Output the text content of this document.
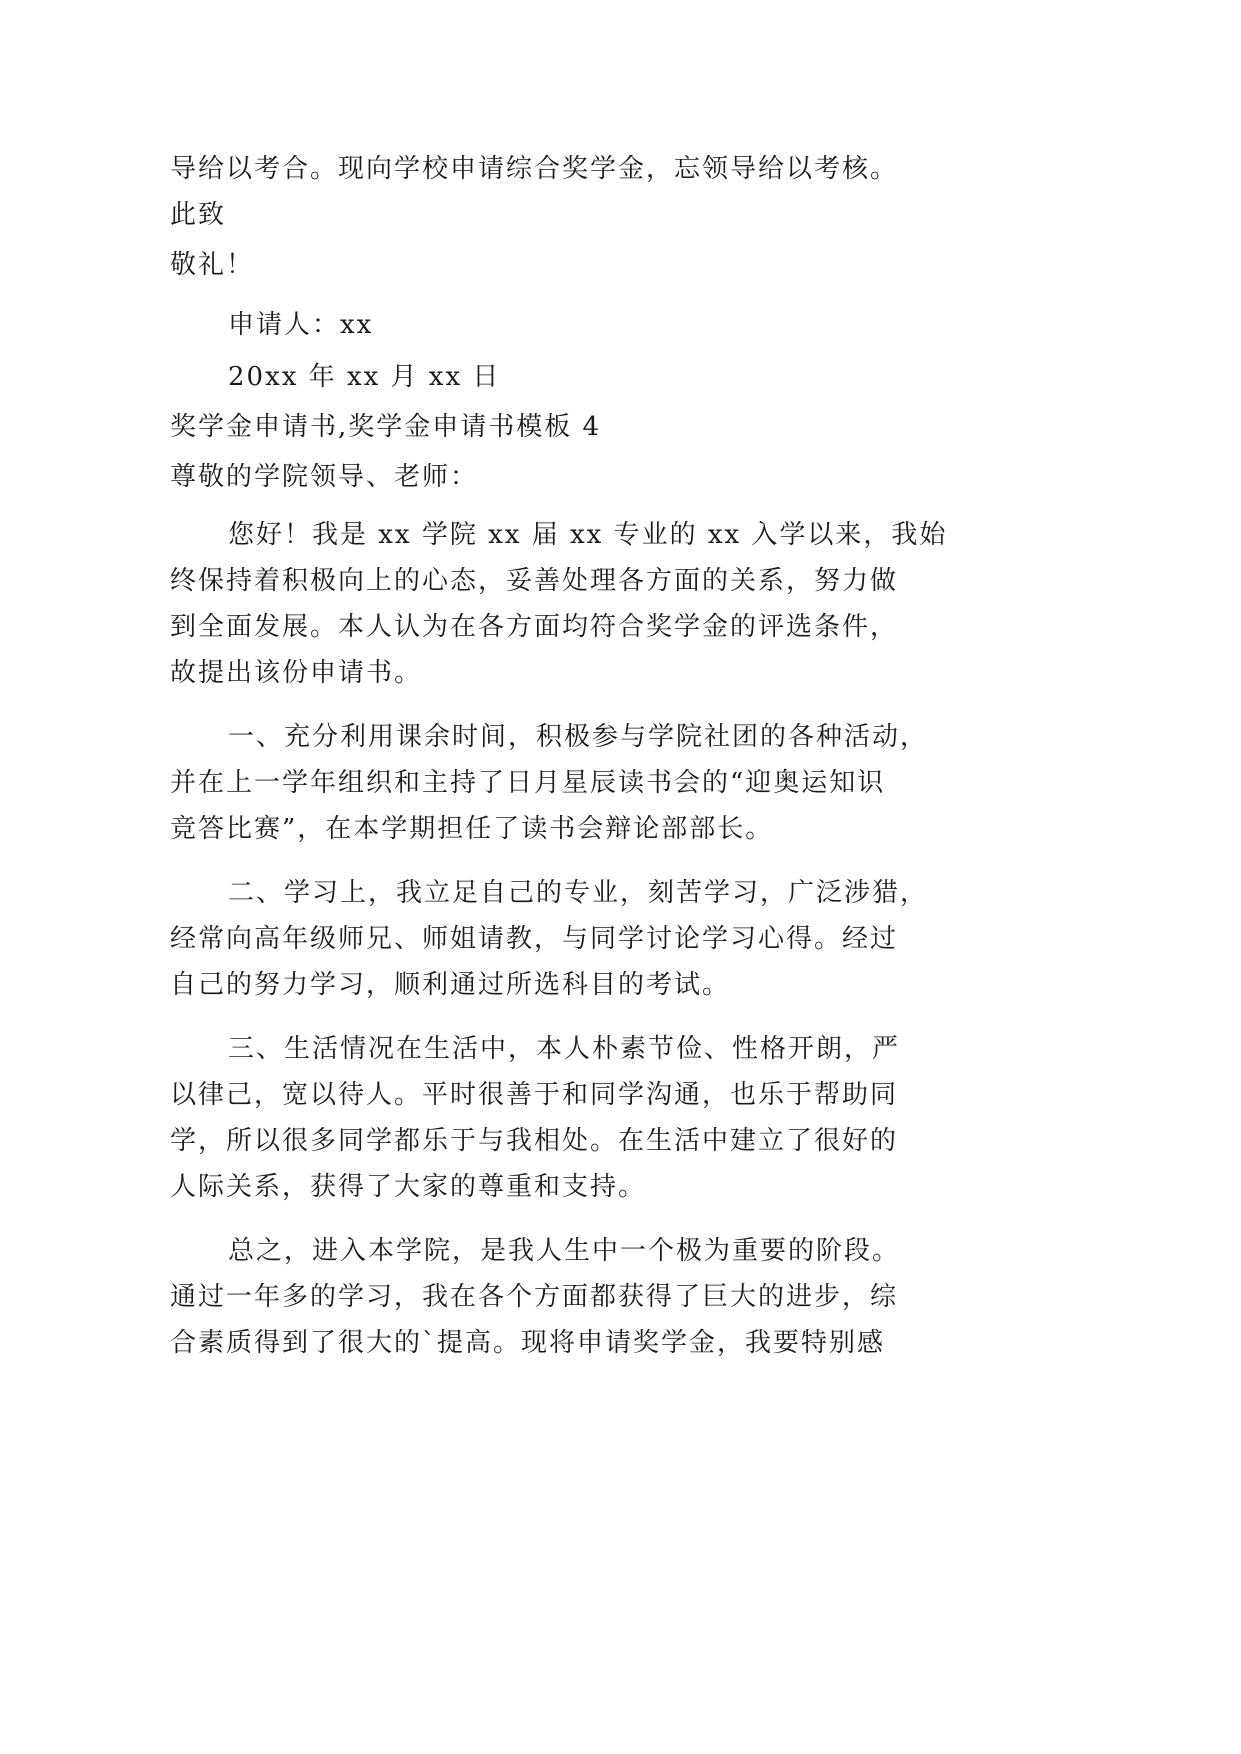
导给以考合。现向学校申请综合奖学金，忘领导给以考核。
此致
敬礼！
申请人：xx
20xx 年 xx 月 xx 日
奖学金申请书,奖学金申请书模板 4
尊敬的学院领导、老师：
您好！我是 xx 学院 xx 届 xx 专业的 xx 入学以来，我始
终保持着积极向上的心态，妥善处理各方面的关系，努力做
到全面发展。本人认为在各方面均符合奖学金的评选条件，
故提出该份申请书。
一、充分利用课余时间，积极参与学院社团的各种活动，
并在上一学年组织和主持了日月星辰读书会的“迎奥运知识
竞答比赛”，在本学期担任了读书会辩论部部长。
二、学习上，我立足自己的专业，刻苦学习，广泛涉猎，
经常向高年级师兄、师姐请教，与同学讨论学习心得。经过
自己的努力学习，顺利通过所选科目的考试。
三、生活情况在生活中，本人朴素节俭、性格开朗，严
以律己，宽以待人。平时很善于和同学沟通，也乐于帮助同
学，所以很多同学都乐于与我相处。在生活中建立了很好的
人际关系，获得了大家的尊重和支持。
总之，进入本学院，是我人生中一个极为重要的阶段。
通过一年多的学习，我在各个方面都获得了巨大的进步，综
合素质得到了很大的`提高。现将申请奖学金，我要特别感
